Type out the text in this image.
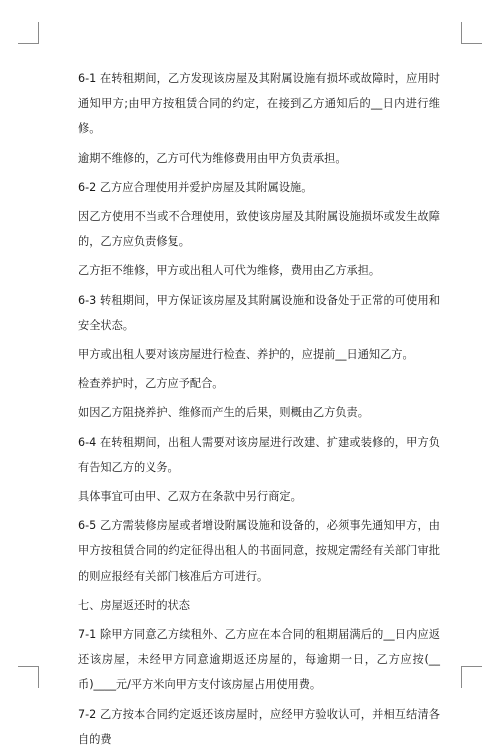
6-1 在转租期间，乙方发现该房屋及其附属设施有损坏或故障时，应用时通知甲方;由甲方按租赁合同的约定，在接到乙方通知后的__日内进行维修。

逾期不维修的，乙方可代为维修费用由甲方负责承担。

6-2 乙方应合理使用并爱护房屋及其附属设施。

因乙方使用不当或不合理使用，致使该房屋及其附属设施损坏或发生故障的，乙方应负责修复。

乙方拒不维修，甲方或出租人可代为维修，费用由乙方承担。

6-3 转租期间，甲方保证该房屋及其附属设施和设备处于正常的可使用和安全状态。

甲方或出租人要对该房屋进行检查、养护的，应提前__日通知乙方。

检查养护时，乙方应予配合。

如因乙方阻挠养护、维修而产生的后果，则概由乙方负责。

6-4 在转租期间，出租人需要对该房屋进行改建、扩建或装修的，甲方负有告知乙方的义务。

具体事宜可由甲、乙双方在条款中另行商定。

6-5 乙方需装修房屋或者增设附属设施和设备的，必须事先通知甲方，由甲方按租赁合同的约定征得出租人的书面同意，按规定需经有关部门审批的则应报经有关部门核准后方可进行。

七、房屋返还时的状态

7-1 除甲方同意乙方续租外、乙方应在本合同的租期届满后的__日内应返还该房屋，未经甲方同意逾期返还房屋的，每逾期一日，乙方应按(__币)____元/平方米向甲方支付该房屋占用使用费。

7-2 乙方按本合同约定返还该房屋时，应经甲方验收认可，并相互结清各自的费
